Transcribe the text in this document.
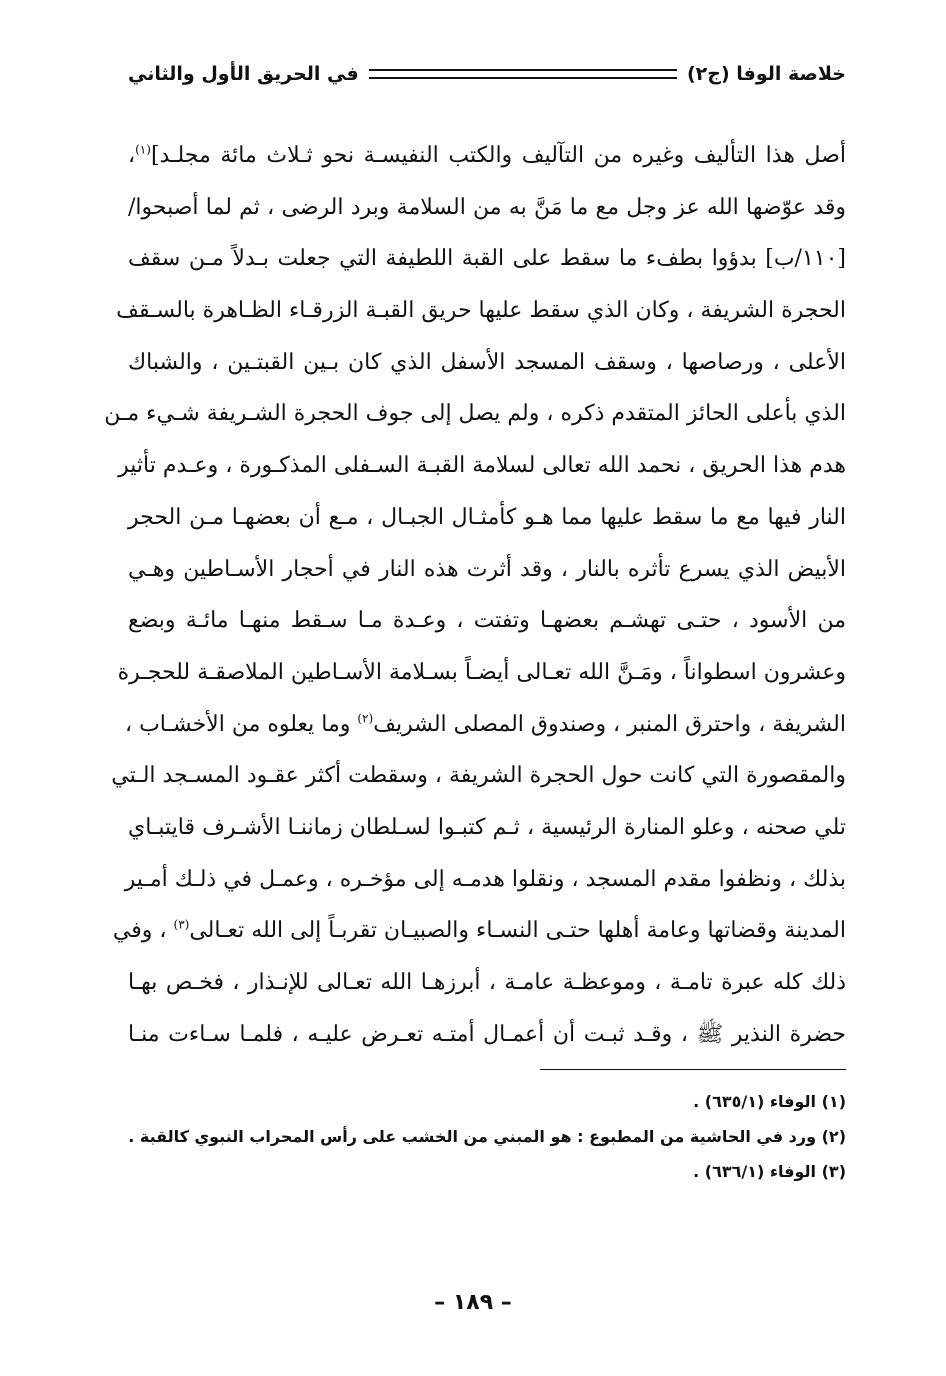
خلاصة الوفا (ج٢)
في الحريق الأول والثاني
أصل هذا التأليف وغيره من التآليف والكتب النفيسـة نحو ثـلاث مائة مجلـد]$^{(١)}$،
وقد عوّضها الله عز وجل مع ما مَنَّ به من السلامة وبرد الرضى ، ثم لما أصبحوا/
[١١٠/ب] بدؤوا بطفء ما سقط على القبة اللطيفة التي جعلت بـدلاً مـن سقف
الحجرة الشريفة ، وكان الذي سقط عليها حريق القبـة الزرقـاء الظـاهرة بالسـقف
الأعلى ، ورصاصها ، وسقف المسجد الأسفل الذي كان بـين القبتـين ، والشباك
الذي بأعلى الحائز المتقدم ذكره ، ولم يصل إلى جوف الحجرة الشـريفة شـيء مـن
هدم هذا الحريق ، نحمد الله تعالى لسلامة القبـة السـفلى المذكـورة ، وعـدم تأثير
النار فيها مع ما سقط عليها مما هـو كأمثـال الجبـال ، مـع أن بعضهـا مـن الحجر
الأبيض الذي يسرع تأثره بالنار ، وقد أثرت هذه النار في أحجار الأسـاطين وهـي
من الأسود ، حتـى تهشـم بعضهـا وتفتت ، وعـدة مـا سـقط منهـا مائـة وبضع
وعشرون اسطواناً ، ومَـنَّ الله تعـالى أيضـاً بسـلامة الأسـاطين الملاصقـة للحجـرة
الشريفة ، واحترق المنبر ، وصندوق المصلى الشريف$^{(٢)}$ وما يعلوه من الأخشـاب ،
والمقصورة التي كانت حول الحجرة الشريفة ، وسقطت أكثر عقـود المسـجد الـتي
تلي صحنه ، وعلو المنارة الرئيسية ، ثـم كتبـوا لسـلطان زماننـا الأشـرف قايتبـاي
بذلك ، ونظفوا مقدم المسجد ، ونقلوا هدمـه إلى مؤخـره ، وعمـل في ذلـك أمـير
المدينة وقضاتها وعامة أهلها حتـى النسـاء والصبيـان تقربـاً إلى الله تعـالى$^{(٣)}$ ، وفي
ذلك كله عبرة تامـة ، وموعظـة عامـة ، أبرزهـا الله تعـالى للإنـذار ، فخـص بهـا
حضرة النذير ﷺ ، وقـد ثبـت أن أعمـال أمتـه تعـرض عليـه ، فلمـا سـاءت منـا
(١) الوفاء (٦٣٥/١) .
(٢) ورد في الحاشية من المطبوع : هو المبني من الخشب على رأس المحراب النبوي كالقبة .
(٣) الوفاء (٦٣٦/١) .
– ١٨٩ –
